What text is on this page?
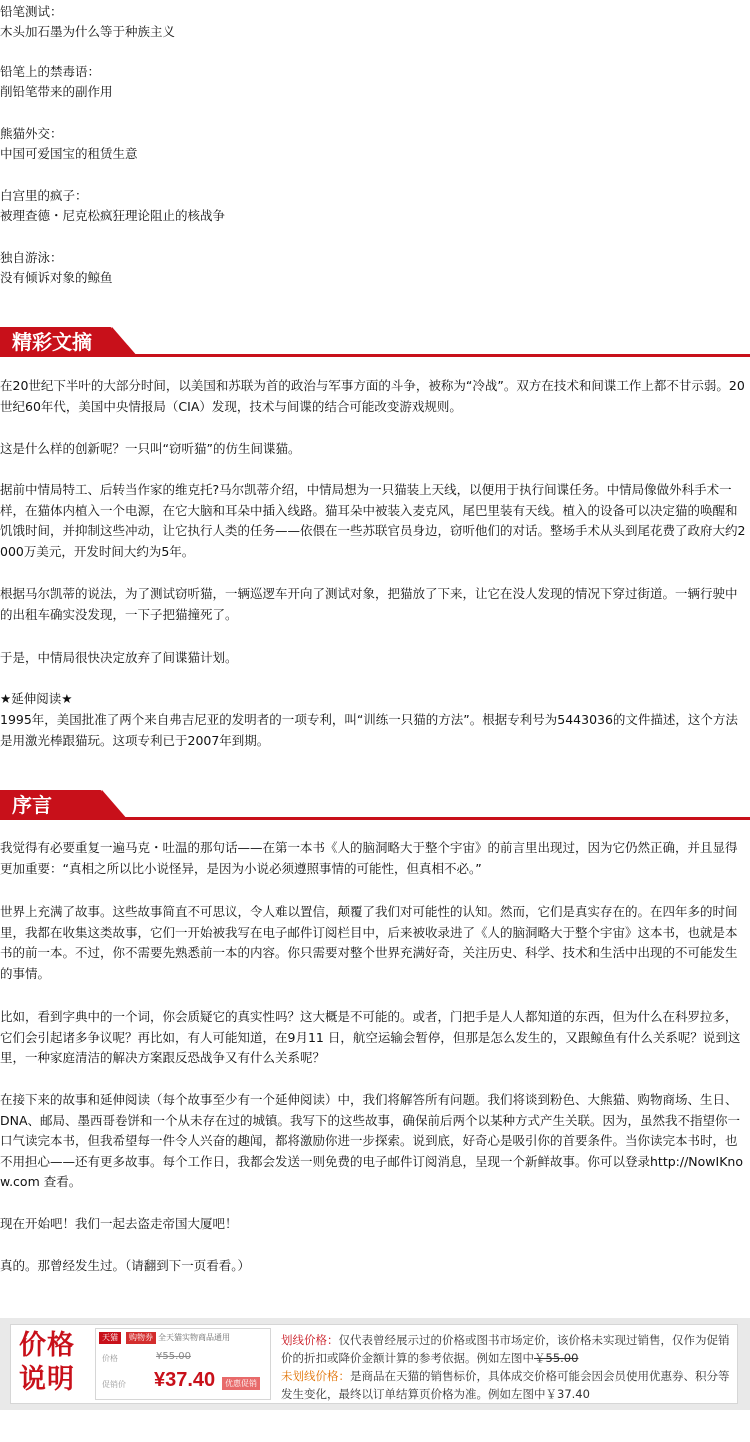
铅笔测试：
木头加石墨为什么等于种族主义
铅笔上的禁毒语：
削铅笔带来的副作用
熊猫外交：
中国可爱国宝的租赁生意
白宫里的疯子：
被理查德・尼克松疯狂理论阻止的核战争
独自游泳：
没有倾诉对象的鲸鱼
精彩文摘

在20世纪下半叶的大部分时间，以美国和苏联为首的政治与军事方面的斗争，被称为“冷战”。双方在技术和间谍工作上都不甘示弱。20世纪60年代，美国中央情报局（CIA）发现，技术与间谍的结合可能改变游戏规则。

这是什么样的创新呢？一只叫“窃听猫”的仿生间谍猫。

据前中情局特工、后转当作家的维克托?马尔凯蒂介绍，中情局想为一只猫装上天线，以便用于执行间谍任务。中情局像做外科手术一样，在猫体内植入一个电源，在它大脑和耳朵中插入线路。猫耳朵中被装入麦克风，尾巴里装有天线。植入的设备可以决定猫的唤醒和饥饿时间，并抑制这些冲动，让它执行人类的任务——依偎在一些苏联官员身边，窃听他们的对话。整场手术从头到尾花费了政府大约2000万美元，开发时间大约为5年。

根据马尔凯蒂的说法，为了测试窃听猫，一辆巡逻车开向了测试对象，把猫放了下来，让它在没人发现的情况下穿过街道。一辆行驶中的出租车确实没发现，一下子把猫撞死了。

于是，中情局很快决定放弃了间谍猫计划。

★延伸阅读★

1995年，美国批准了两个来自弗吉尼亚的发明者的一项专利，叫“训练一只猫的方法”。根据专利号为5443036的文件描述，这个方法是用激光棒跟猫玩。这项专利已于2007年到期。

序言

我觉得有必要重复一遍马克・吐温的那句话——在第一本书《人的脑洞略大于整个宇宙》的前言里出现过，因为它仍然正确，并且显得更加重要：“真相之所以比小说怪异，是因为小说必须遵照事情的可能性，但真相不必。”

世界上充满了故事。这些故事简直不可思议，令人难以置信，颠覆了我们对可能性的认知。然而，它们是真实存在的。在四年多的时间里，我都在收集这类故事，它们一开始被我写在电子邮件订阅栏目中，后来被收录进了《人的脑洞略大于整个宇宙》这本书，也就是本书的前一本。不过，你不需要先熟悉前一本的内容。你只需要对整个世界充满好奇，关注历史、科学、技术和生活中出现的不可能发生的事情。

比如，看到字典中的一个词，你会质疑它的真实性吗？这大概是不可能的。或者，门把手是人人都知道的东西，但为什么在科罗拉多，它们会引起诸多争议呢？再比如，有人可能知道，在9月11 日，航空运输会暂停，但那是怎么发生的，又跟鲸鱼有什么关系呢？说到这里，一种家庭清洁的解决方案跟反恐战争又有什么关系呢？

在接下来的故事和延伸阅读（每个故事至少有一个延伸阅读）中，我们将解答所有问题。我们将谈到粉色、大熊猫、购物商场、生日、DNA、邮局、墨西哥卷饼和一个从未存在过的城镇。我写下的这些故事，确保前后两个以某种方式产生关联。因为，虽然我不指望你一口气读完本书，但我希望每一件令人兴奋的趣闻，都将激励你进一步探索。说到底，好奇心是吸引你的首要条件。当你读完本书时，也不用担心——还有更多故事。每个工作日，我都会发送一则免费的电子邮件订阅消息，呈现一个新鲜故事。你可以登录http://NowIKnow.com 查看。

现在开始吧！我们一起去盗走帝国大厦吧！

真的。那曾经发生过。（请翻到下一页看看。）

价格
说明
天猫	购物券 全天猫实物商品通用
价格	¥55.00
促销价 ¥37.40	优惠促销
划线价格：仅代表曾经展示过的价格或图书市场定价，该价格未实现过销售，仅作为促销价的折扣或降价金额计算的参考依据。例如左图中￥55.00
未划线价格：是商品在天猫的销售标价，具体成交价格可能会因会员使用优惠券、积分等发生变化，最终以订单结算页价格为准。例如左图中￥37.40
